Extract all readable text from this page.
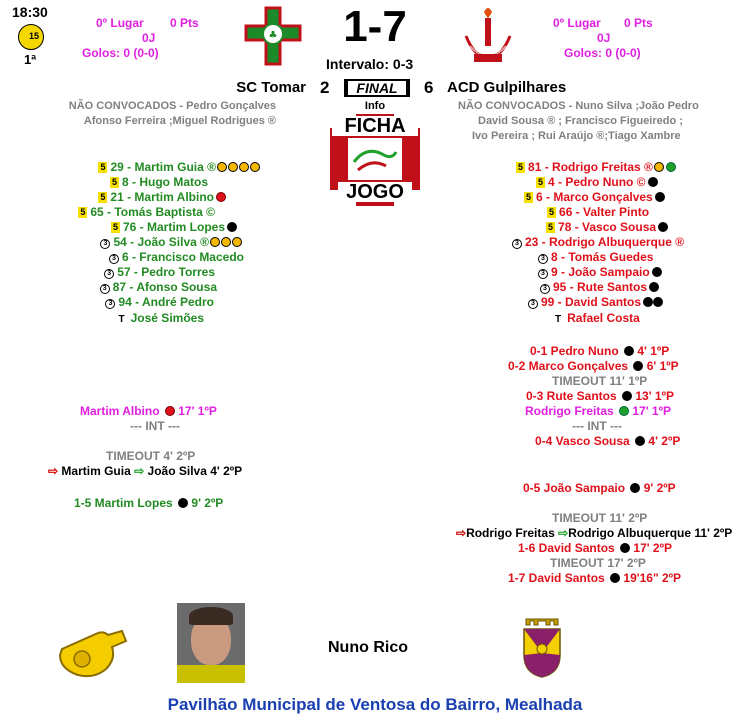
18:30
15
1ª
0º Lugar 0 Pts
0J
Golos: 0 (0-0)
0º Lugar 0 Pts
0J
Golos: 0 (0-0)
♣	1-7
Intervalo: 0-3
SC Tomar 2	FINAL	6 ACD Gulpilhares
Info
NÃO CONVOCADOS - Pedro Gonçalves
Afonso Ferreira ;Miguel Rodrigues ®
NÃO CONVOCADOS - Nuno Silva ;João Pedro
David Sousa ® ; Francisco Figueiredo ;
Ivo Pereira ; Rui Araújo ®;Tiago Xambre
FICHA
JOGO
5 29 - Martim Guia ®
5 8 - Hugo Matos
5 21 - Martim Albino
5 65 - Tomás Baptista ©
5 76 - Martim Lopes
3 54 - João Silva ®
3 6 - Francisco Macedo
3 57 - Pedro Torres
3 87 - Afonso Sousa
3 94 - André Pedro
T José Simões
5 81 - Rodrigo Freitas ®
5 4 - Pedro Nuno ©
5 6 - Marco Gonçalves
5 66 - Valter Pinto
5 78 - Vasco Sousa
3 23 - Rodrigo Albuquerque ®
3 8 - Tomás Guedes
3 9 - João Sampaio
3 95 - Rute Santos
3 99 - David Santos
T Rafael Costa
0-1 Pedro Nuno 4' 1ºP
0-2 Marco Gonçalves 6' 1ºP
TIMEOUT 11' 1ºP
0-3 Rute Santos 13' 1ºP
Rodrigo Freitas 17' 1ºP
--- INT ---
0-4 Vasco Sousa 4' 2ºP
0-5 João Sampaio 9' 2ºP
TIMEOUT 11' 2ºP
⇨Rodrigo Freitas ⇨Rodrigo Albuquerque 11' 2ºP
1-6 David Santos 17' 2ºP
TIMEOUT 17' 2ºP
1-7 David Santos 19'16" 2ºP
Martim Albino 17' 1ºP
--- INT ---
TIMEOUT 4' 2ºP
⇨ Martim Guia ⇨ João Silva 4' 2ºP
1-5 Martim Lopes 9' 2ºP
Nuno Rico
Pavilhão Municipal de Ventosa do Bairro, Mealhada
